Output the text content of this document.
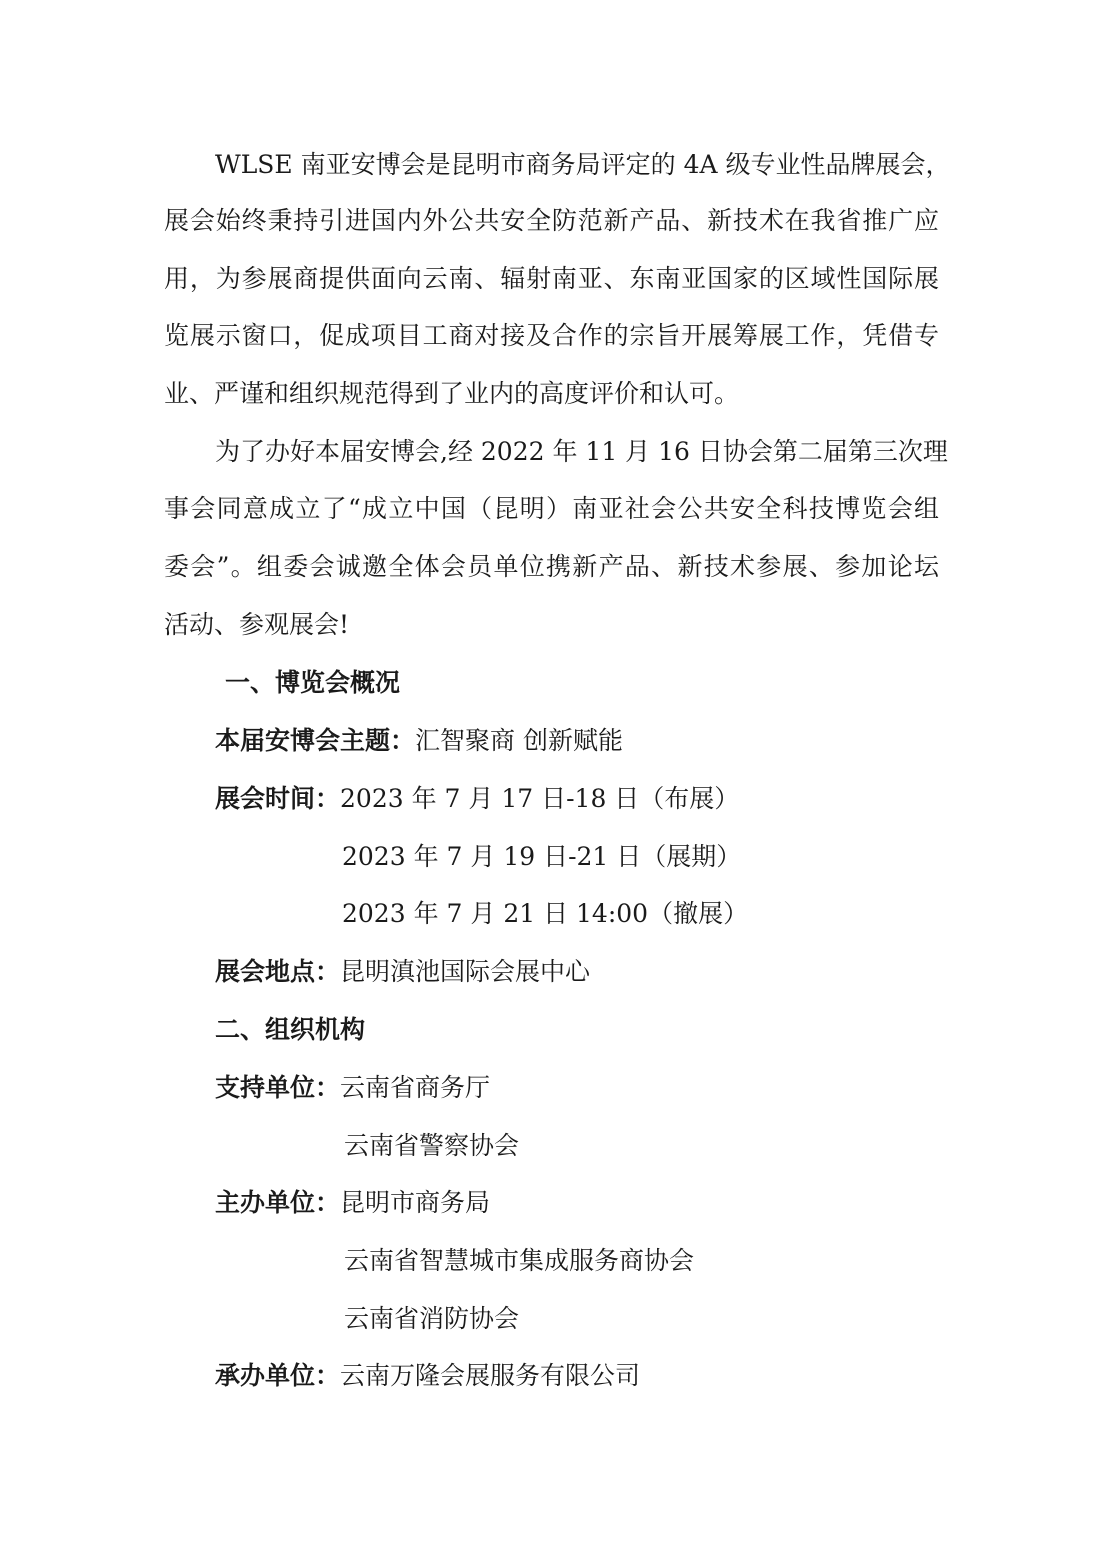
WLSE 南亚安博会是昆明市商务局评定的 4A 级专业性品牌展会，

展会始终秉持引进国内外公共安全防范新产品、新技术在我省推广应

用，为参展商提供面向云南、辐射南亚、东南亚国家的区域性国际展

览展示窗口，促成项目工商对接及合作的宗旨开展筹展工作，凭借专

业、严谨和组织规范得到了业内的高度评价和认可。

为了办好本届安博会,经 2022 年 11 月 16 日协会第二届第三次理

事会同意成立了“成立中国（昆明）南亚社会公共安全科技博览会组

委会”。组委会诚邀全体会员单位携新产品、新技术参展、参加论坛

活动、参观展会!

一、博览会概况

本届安博会主题：汇智聚商 创新赋能

展会时间：2023 年 7 月 17 日-18 日（布展）

2023 年 7 月 19 日-21 日（展期）

2023 年 7 月 21 日 14:00（撤展）

展会地点：昆明滇池国际会展中心

二、组织机构

支持单位：云南省商务厅

云南省警察协会

主办单位：昆明市商务局

云南省智慧城市集成服务商协会

云南省消防协会

承办单位：云南万隆会展服务有限公司
